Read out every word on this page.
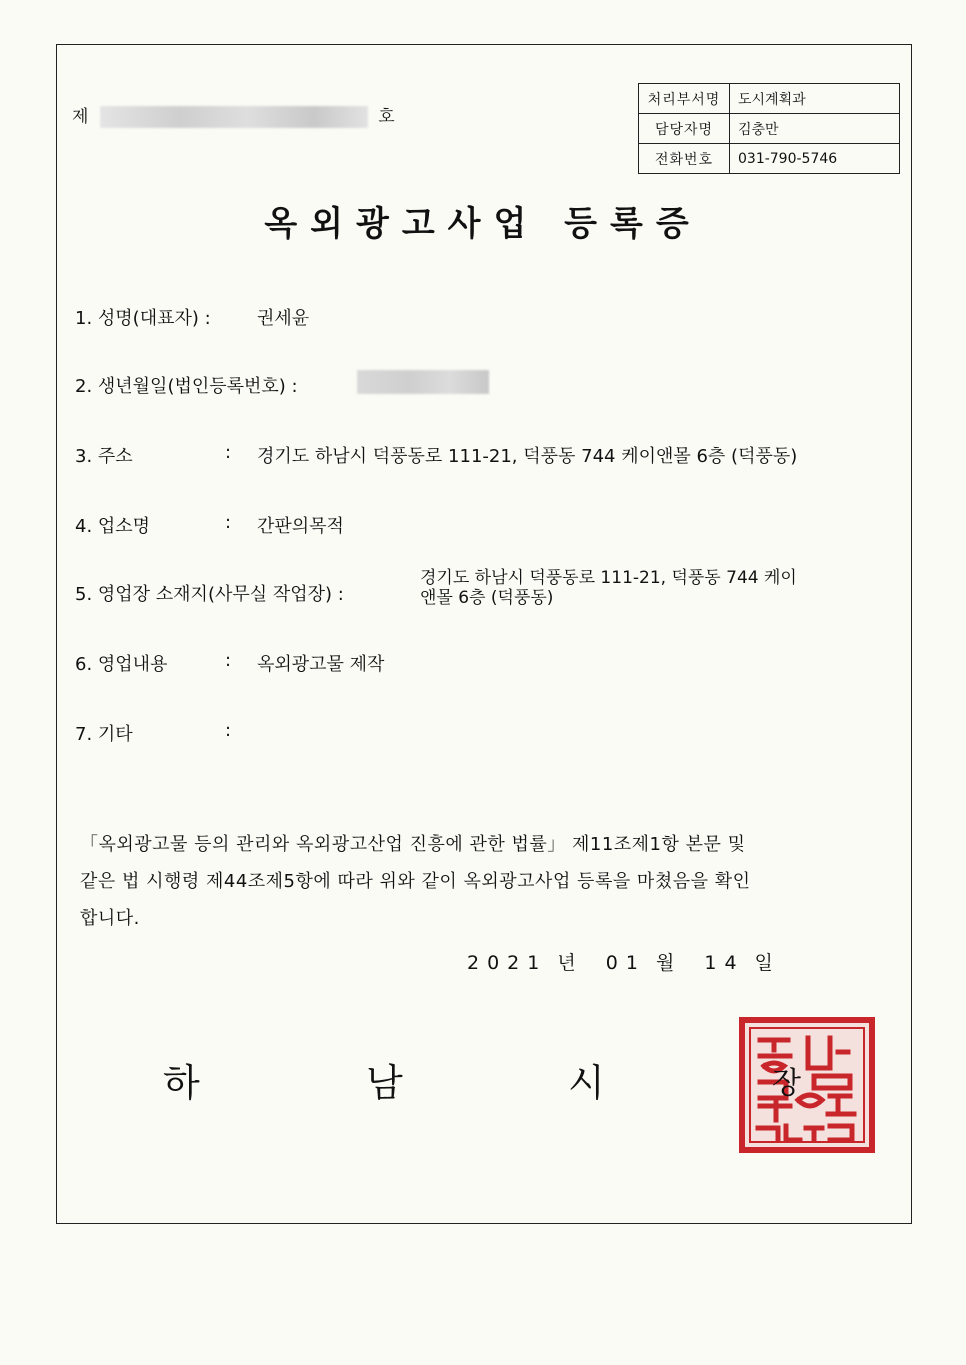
제	호
처리부서명	도시계획과
담당자명	김충만
전화번호	031-790-5746
옥외광고사업 등록증
1. 성명(대표자) :	권세윤
2. 생년월일(법인등록번호) :
3. 주소	: 경기도 하남시 덕풍동로 111-21, 덕풍동 744 케이앤몰 6층 (덕풍동)
4. 업소명	: 간판의목적
5. 영업장 소재지(사무실 작업장) :
경기도 하남시 덕풍동로 111-21, 덕풍동 744 케이
앤몰 6층 (덕풍동)
6. 영업내용	: 옥외광고물 제작
7. 기타	:
「옥외광고물 등의 관리와 옥외광고산업 진흥에 관한 법률」 제11조제1항 본문 및
같은 법 시행령 제44조제5항에 따라 위와 같이 옥외광고사업 등록을 마쳤음을 확인
합니다.
2021 년 01 월 14 일
하	남	시	장
